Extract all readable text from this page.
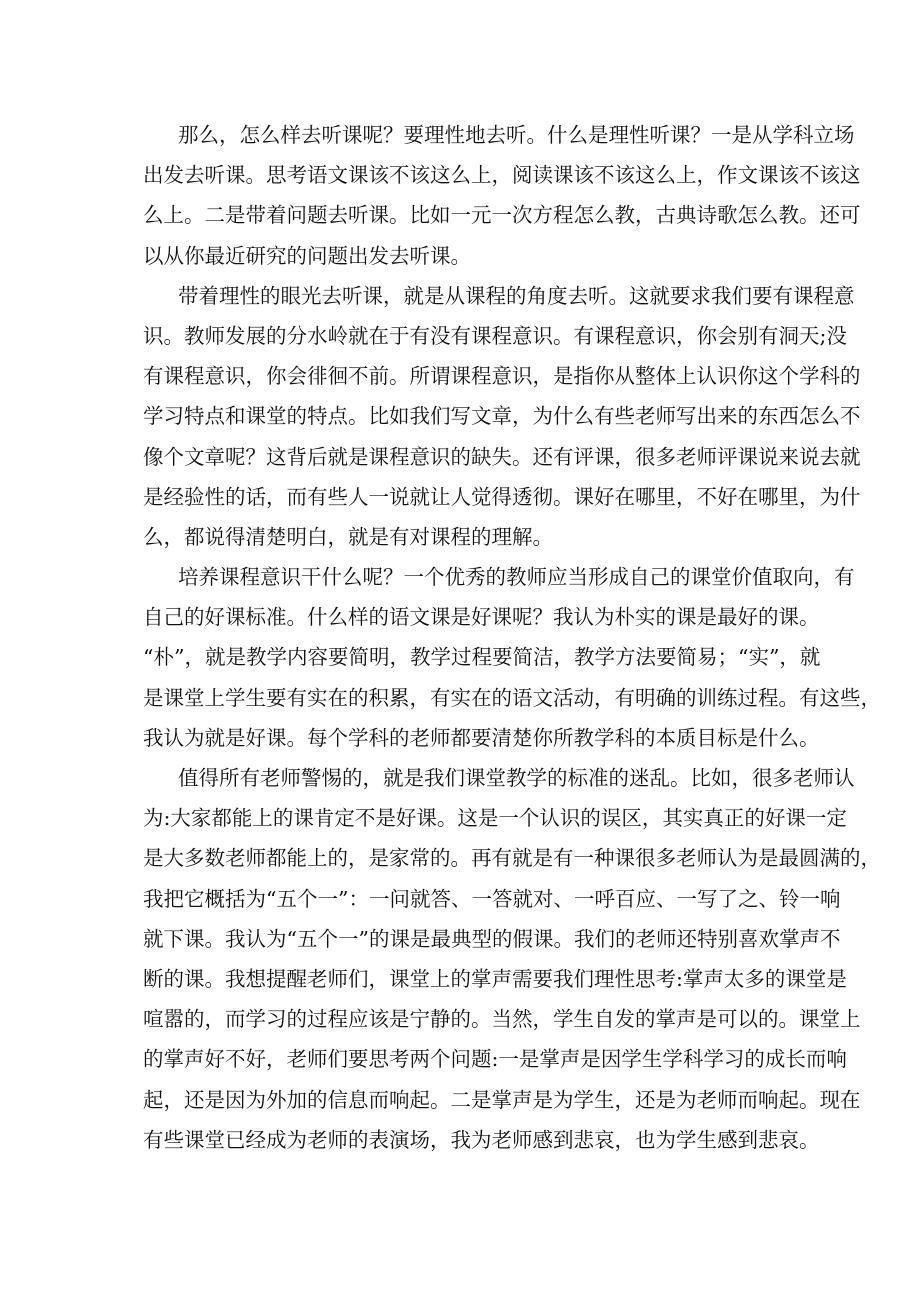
那么，怎么样去听课呢？要理性地去听。什么是理性听课？一是从学科立场
出发去听课。思考语文课该不该这么上，阅读课该不该这么上，作文课该不该这
么上。二是带着问题去听课。比如一元一次方程怎么教，古典诗歌怎么教。还可
以从你最近研究的问题出发去听课。
带着理性的眼光去听课，就是从课程的角度去听。这就要求我们要有课程意
识。教师发展的分水岭就在于有没有课程意识。有课程意识，你会别有洞天;没
有课程意识，你会徘徊不前。所谓课程意识，是指你从整体上认识你这个学科的
学习特点和课堂的特点。比如我们写文章，为什么有些老师写出来的东西怎么不
像个文章呢？这背后就是课程意识的缺失。还有评课，很多老师评课说来说去就
是经验性的话，而有些人一说就让人觉得透彻。课好在哪里，不好在哪里，为什
么，都说得清楚明白，就是有对课程的理解。
培养课程意识干什么呢？一个优秀的教师应当形成自己的课堂价值取向，有
自己的好课标准。什么样的语文课是好课呢？我认为朴实的课是最好的课。
“朴”，就是教学内容要简明，教学过程要简洁，教学方法要简易；“实”，就
是课堂上学生要有实在的积累，有实在的语文活动，有明确的训练过程。有这些，
我认为就是好课。每个学科的老师都要清楚你所教学科的本质目标是什么。
值得所有老师警惕的，就是我们课堂教学的标准的迷乱。比如，很多老师认
为:大家都能上的课肯定不是好课。这是一个认识的误区，其实真正的好课一定
是大多数老师都能上的，是家常的。再有就是有一种课很多老师认为是最圆满的，
我把它概括为“五个一”：一问就答、一答就对、一呼百应、一写了之、铃一响
就下课。我认为“五个一”的课是最典型的假课。我们的老师还特别喜欢掌声不
断的课。我想提醒老师们，课堂上的掌声需要我们理性思考:掌声太多的课堂是
喧嚣的，而学习的过程应该是宁静的。当然，学生自发的掌声是可以的。课堂上
的掌声好不好，老师们要思考两个问题:一是掌声是因学生学科学习的成长而响
起，还是因为外加的信息而响起。二是掌声是为学生，还是为老师而响起。现在
有些课堂已经成为老师的表演场，我为老师感到悲哀，也为学生感到悲哀。
